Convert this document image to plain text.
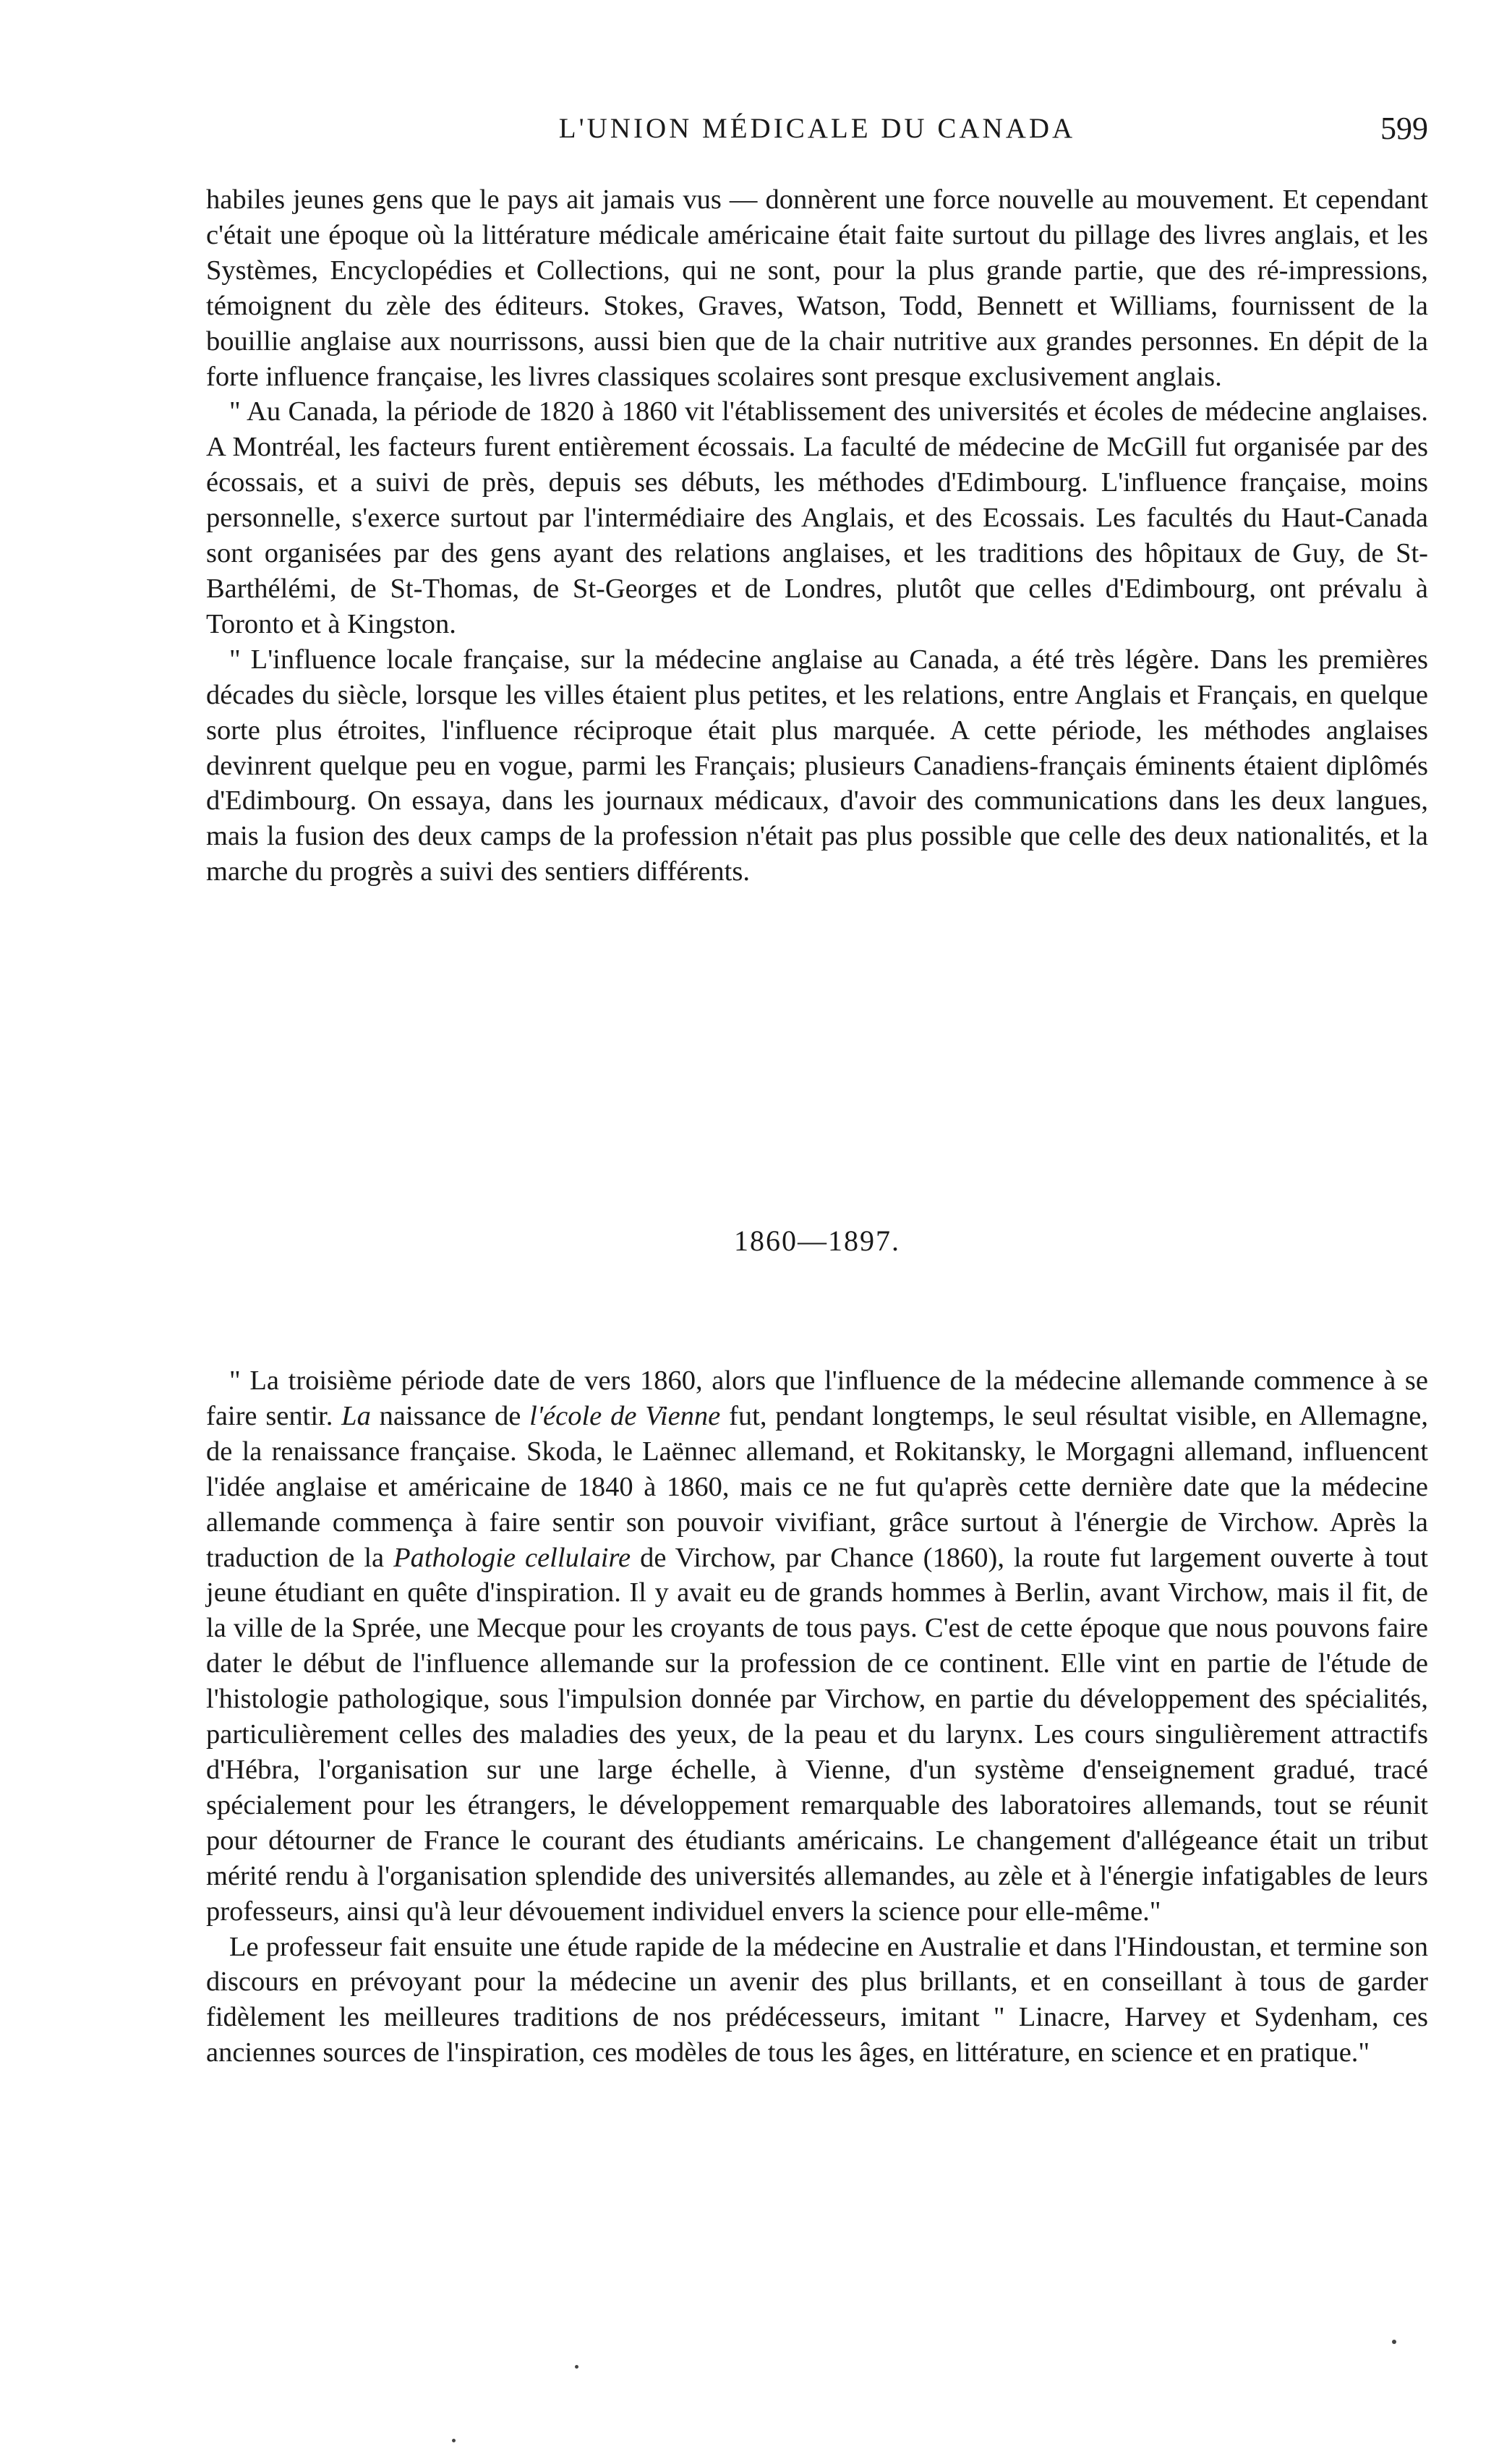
L'UNION MÉDICALE DU CANADA	599

habiles jeunes gens que le pays ait jamais vus — donnèrent une force nouvelle au mouvement. Et cependant c'était une époque où la littérature médicale américaine était faite surtout du pillage des livres anglais, et les Systèmes, Encyclopédies et Collections, qui ne sont, pour la plus grande partie, que des ré-impressions, témoignent du zèle des éditeurs. Stokes, Graves, Watson, Todd, Bennett et Williams, fournissent de la bouillie anglaise aux nourrissons, aussi bien que de la chair nutritive aux grandes personnes. En dépit de la forte influence française, les livres classiques scolaires sont presque exclusivement anglais.

" Au Canada, la période de 1820 à 1860 vit l'établissement des universités et écoles de médecine anglaises. A Montréal, les facteurs furent entièrement écossais. La faculté de médecine de McGill fut organisée par des écossais, et a suivi de près, depuis ses débuts, les méthodes d'Edimbourg. L'influence française, moins personnelle, s'exerce surtout par l'intermédiaire des Anglais, et des Ecossais. Les facultés du Haut-Canada sont organisées par des gens ayant des relations anglaises, et les traditions des hôpitaux de Guy, de St-Barthélémi, de St-Thomas, de St-Georges et de Londres, plutôt que celles d'Edimbourg, ont prévalu à Toronto et à Kingston.

" L'influence locale française, sur la médecine anglaise au Canada, a été très légère. Dans les premières décades du siècle, lorsque les villes étaient plus petites, et les relations, entre Anglais et Français, en quelque sorte plus étroites, l'influence réciproque était plus marquée. A cette période, les méthodes anglaises devinrent quelque peu en vogue, parmi les Français; plusieurs Canadiens-français éminents étaient diplômés d'Edimbourg. On essaya, dans les journaux médicaux, d'avoir des communications dans les deux langues, mais la fusion des deux camps de la profession n'était pas plus possible que celle des deux nationalités, et la marche du progrès a suivi des sentiers différents.

1860—1897.

" La troisième période date de vers 1860, alors que l'influence de la médecine allemande commence à se faire sentir. La naissance de l'école de Vienne fut, pendant longtemps, le seul résultat visible, en Allemagne, de la renaissance française. Skoda, le Laënnec allemand, et Rokitansky, le Morgagni allemand, influencent l'idée anglaise et américaine de 1840 à 1860, mais ce ne fut qu'après cette dernière date que la médecine allemande commença à faire sentir son pouvoir vivifiant, grâce surtout à l'énergie de Virchow. Après la traduction de la Pathologie cellulaire de Virchow, par Chance (1860), la route fut largement ouverte à tout jeune étudiant en quête d'inspiration. Il y avait eu de grands hommes à Berlin, avant Virchow, mais il fit, de la ville de la Sprée, une Mecque pour les croyants de tous pays. C'est de cette époque que nous pouvons faire dater le début de l'influence allemande sur la profession de ce continent. Elle vint en partie de l'étude de l'histologie pathologique, sous l'impulsion donnée par Virchow, en partie du développement des spécialités, particulièrement celles des maladies des yeux, de la peau et du larynx. Les cours singulièrement attractifs d'Hébra, l'organisation sur une large échelle, à Vienne, d'un système d'enseignement gradué, tracé spécialement pour les étrangers, le développement remarquable des laboratoires allemands, tout se réunit pour détourner de France le courant des étudiants américains. Le changement d'allégeance était un tribut mérité rendu à l'organisation splendide des universités allemandes, au zèle et à l'énergie infatigables de leurs professeurs, ainsi qu'à leur dévouement individuel envers la science pour elle-même."

Le professeur fait ensuite une étude rapide de la médecine en Australie et dans l'Hindoustan, et termine son discours en prévoyant pour la médecine un avenir des plus brillants, et en conseillant à tous de garder fidèlement les meilleures traditions de nos prédécesseurs, imitant " Linacre, Harvey et Sydenham, ces anciennes sources de l'inspiration, ces modèles de tous les âges, en littérature, en science et en pratique."
